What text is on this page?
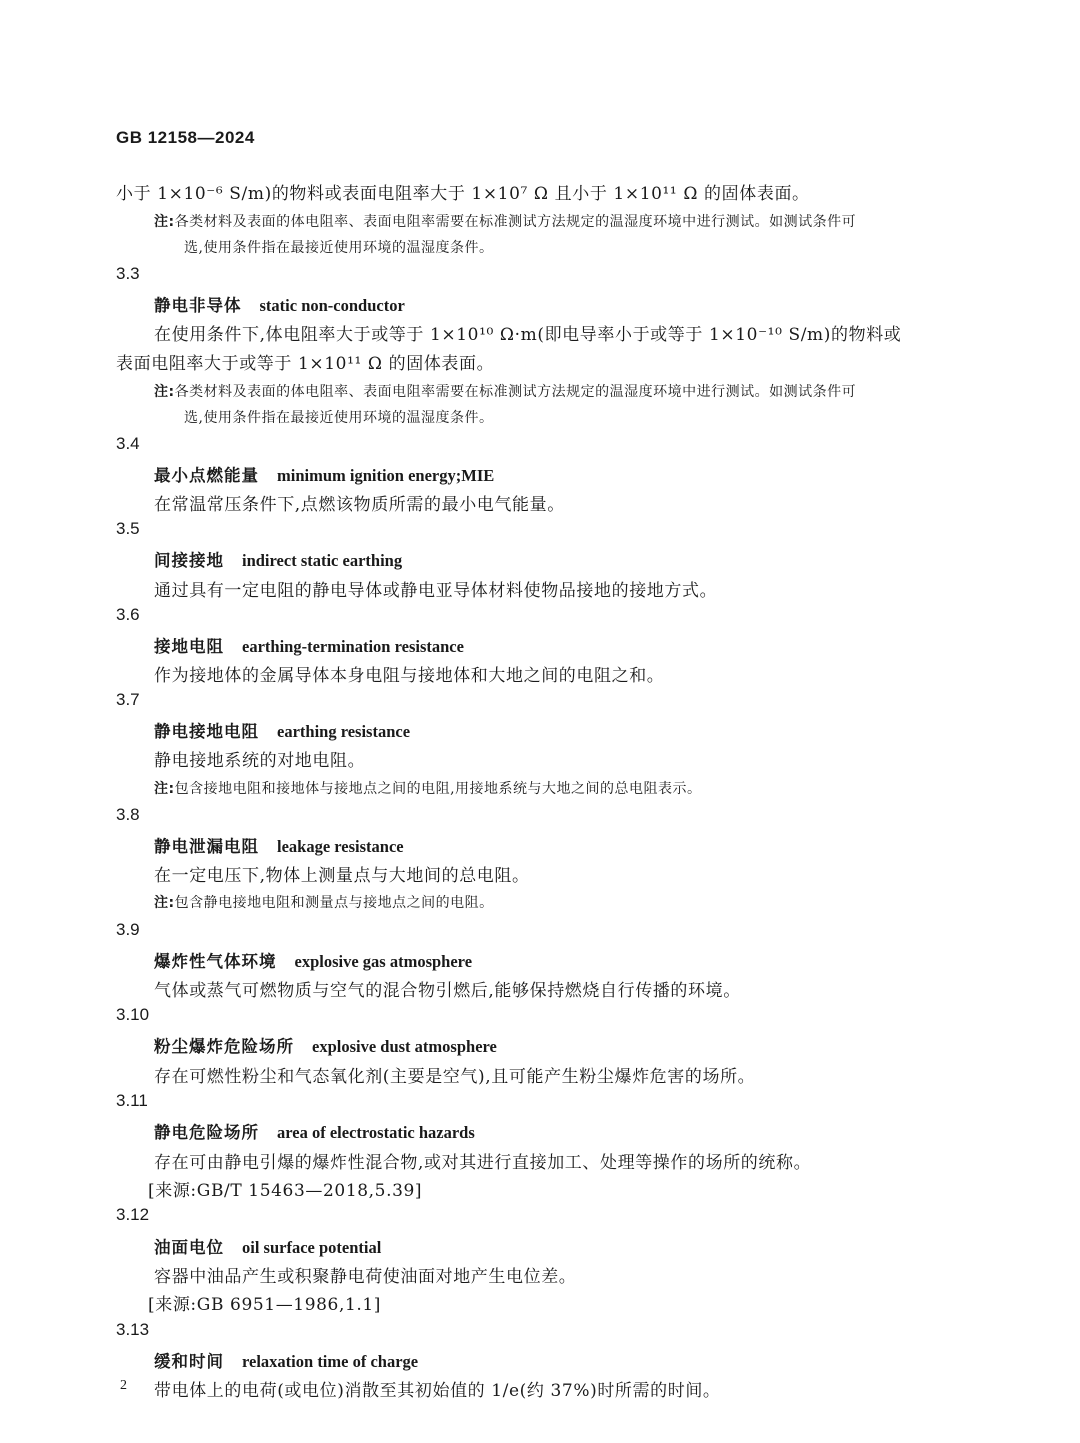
GB 12158—2024
小于 1×10⁻⁶ S/m)的物料或表面电阻率大于 1×10⁷ Ω 且小于 1×10¹¹ Ω 的固体表面。
注:各类材料及表面的体电阻率、表面电阻率需要在标准测试方法规定的温湿度环境中进行测试。如测试条件可
选,使用条件指在最接近使用环境的温湿度条件。
3.3
静电非导体 static non-conductor
在使用条件下,体电阻率大于或等于 1×10¹⁰ Ω·m(即电导率小于或等于 1×10⁻¹⁰ S/m)的物料或
表面电阻率大于或等于 1×10¹¹ Ω 的固体表面。
注:各类材料及表面的体电阻率、表面电阻率需要在标准测试方法规定的温湿度环境中进行测试。如测试条件可
选,使用条件指在最接近使用环境的温湿度条件。
3.4
最小点燃能量 minimum ignition energy;MIE
在常温常压条件下,点燃该物质所需的最小电气能量。
3.5
间接接地 indirect static earthing
通过具有一定电阻的静电导体或静电亚导体材料使物品接地的接地方式。
3.6
接地电阻 earthing-termination resistance
作为接地体的金属导体本身电阻与接地体和大地之间的电阻之和。
3.7
静电接地电阻 earthing resistance
静电接地系统的对地电阻。
注:包含接地电阻和接地体与接地点之间的电阻,用接地系统与大地之间的总电阻表示。
3.8
静电泄漏电阻 leakage resistance
在一定电压下,物体上测量点与大地间的总电阻。
注:包含静电接地电阻和测量点与接地点之间的电阻。
3.9
爆炸性气体环境 explosive gas atmosphere
气体或蒸气可燃物质与空气的混合物引燃后,能够保持燃烧自行传播的环境。
3.10
粉尘爆炸危险场所 explosive dust atmosphere
存在可燃性粉尘和气态氧化剂(主要是空气),且可能产生粉尘爆炸危害的场所。
3.11
静电危险场所 area of electrostatic hazards
存在可由静电引爆的爆炸性混合物,或对其进行直接加工、处理等操作的场所的统称。
[来源:GB/T 15463—2018,5.39]
3.12
油面电位 oil surface potential
容器中油品产生或积聚静电荷使油面对地产生电位差。
[来源:GB 6951—1986,1.1]
3.13
缓和时间 relaxation time of charge
带电体上的电荷(或电位)消散至其初始值的 1/e(约 37%)时所需的时间。
2
